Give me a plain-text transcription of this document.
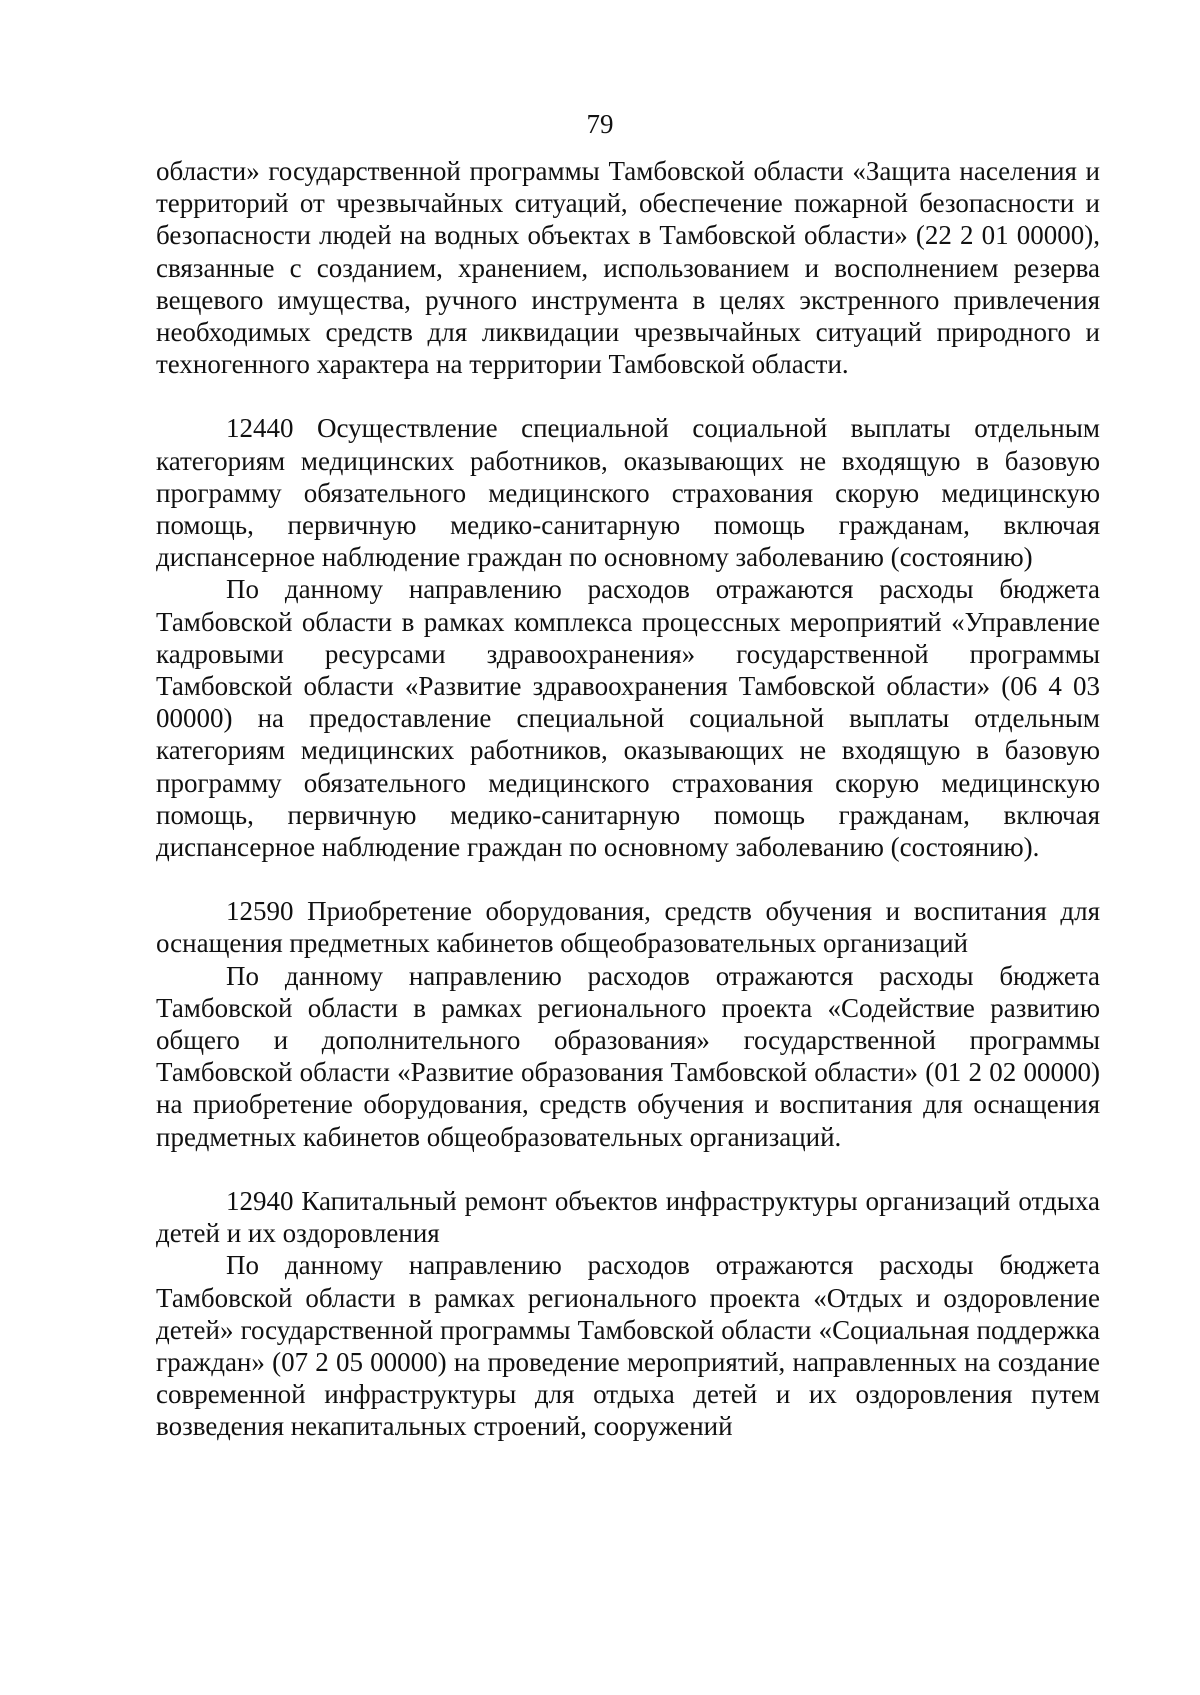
79

области» государственной программы Тамбовской области «Защита населения и территорий от чрезвычайных ситуаций, обеспечение пожарной безопасности и безопасности людей на водных объектах в Тамбовской области» (22 2 01 00000), связанные с созданием, хранением, использованием и восполнением резерва вещевого имущества, ручного инструмента в целях экстренного привлечения необходимых средств для ликвидации чрезвычайных ситуаций природного и техногенного характера на территории Тамбовской области.

12440 Осуществление специальной социальной выплаты отдельным категориям медицинских работников, оказывающих не входящую в базовую программу обязательного медицинского страхования скорую медицинскую помощь, первичную медико-санитарную помощь гражданам, включая диспансерное наблюдение граждан по основному заболеванию (состоянию)

По данному направлению расходов отражаются расходы бюджета Тамбовской области в рамках комплекса процессных мероприятий «Управление кадровыми ресурсами здравоохранения» государственной программы Тамбовской области «Развитие здравоохранения Тамбовской области» (06 4 03 00000) на предоставление специальной социальной выплаты отдельным категориям медицинских работников, оказывающих не входящую в базовую программу обязательного медицинского страхования скорую медицинскую помощь, первичную медико-санитарную помощь гражданам, включая диспансерное наблюдение граждан по основному заболеванию (состоянию).

12590 Приобретение оборудования, средств обучения и воспитания для оснащения предметных кабинетов общеобразовательных организаций

По данному направлению расходов отражаются расходы бюджета Тамбовской области в рамках регионального проекта «Содействие развитию общего и дополнительного образования» государственной программы Тамбовской области «Развитие образования Тамбовской области» (01 2 02 00000) на приобретение оборудования, средств обучения и воспитания для оснащения предметных кабинетов общеобразовательных организаций.

12940 Капитальный ремонт объектов инфраструктуры организаций отдыха детей и их оздоровления

По данному направлению расходов отражаются расходы бюджета Тамбовской области в рамках регионального проекта «Отдых и оздоровление детей» государственной программы Тамбовской области «Социальная поддержка граждан» (07 2 05 00000) на проведение мероприятий, направленных на создание современной инфраструктуры для отдыха детей и их оздоровления путем возведения некапитальных строений, сооружений
